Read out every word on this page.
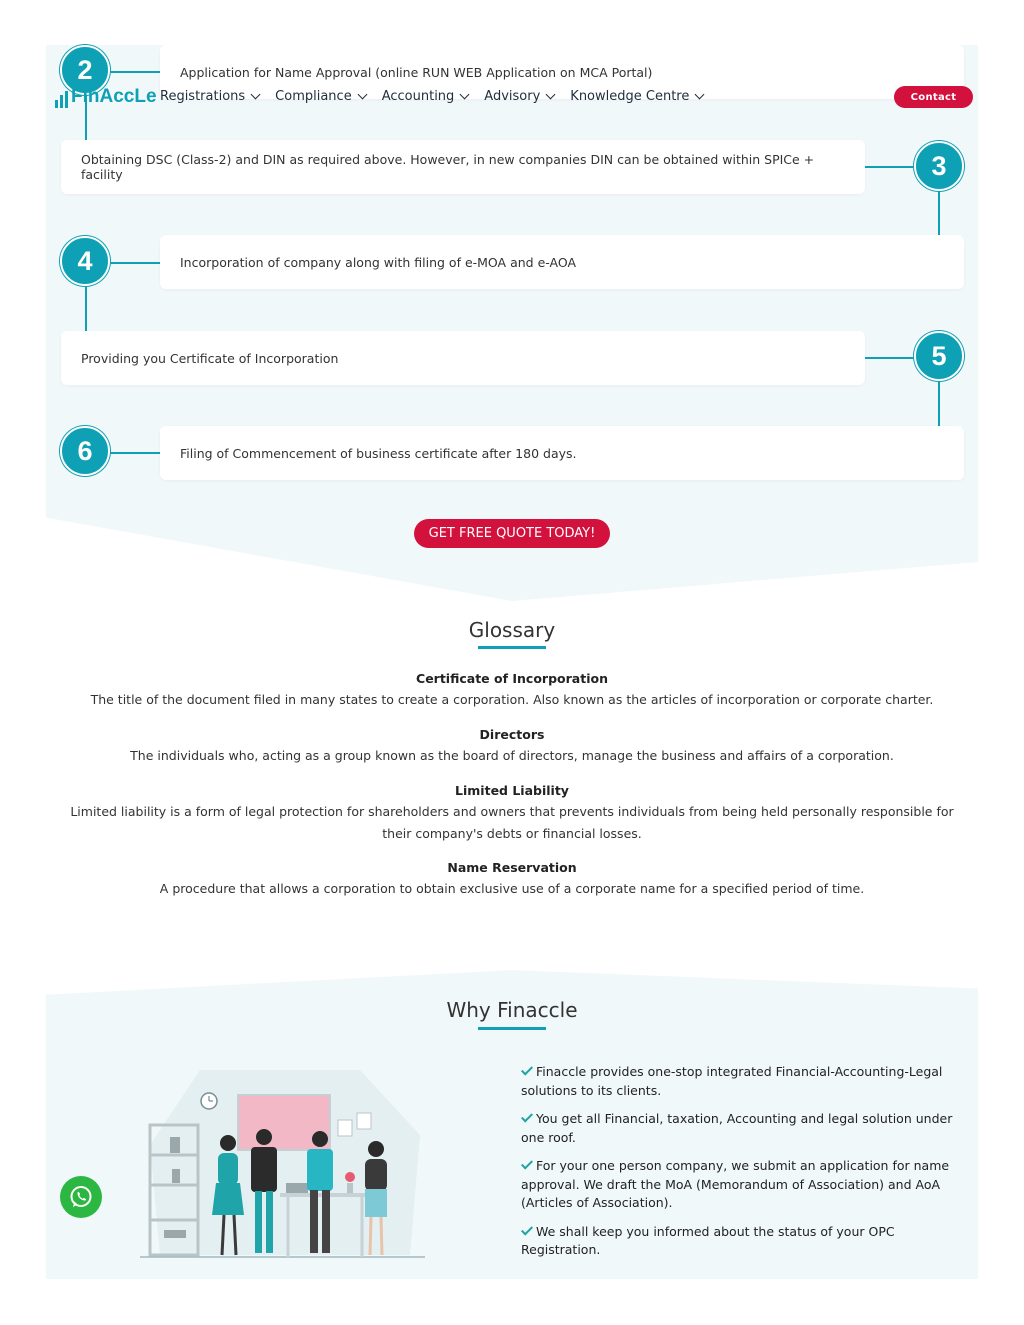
Application for Name Approval (online RUN WEB Application on MCA Portal)
2
Obtaining DSC (Class-2) and DIN as required above. However, in new companies DIN can be obtained within SPICe + facility	3
Incorporation of company along with filing of e-MOA and e-AOA
4
Providing you Certificate of Incorporation	5
Filing of Commencement of business certificate after 180 days.
6
FinAccLe Registrations Compliance Accounting Advisory Knowledge Centre	Contact
GET FREE QUOTE TODAY!
Glossary
Certificate of Incorporation
The title of the document filed in many states to create a corporation. Also known as the articles of incorporation or corporate charter.
Directors
The individuals who, acting as a group known as the board of directors, manage the business and affairs of a corporation.
Limited Liability
Limited liability is a form of legal protection for shareholders and owners that prevents individuals from being held personally responsible for their company's debts or financial losses.
Name Reservation
A procedure that allows a corporation to obtain exclusive use of a corporate name for a specified period of time.
Why Finaccle
Finaccle provides one-stop integrated Financial-Accounting-Legal solutions to its clients.
You get all Financial, taxation, Accounting and legal solution under one roof.
For your one person company, we submit an application for name approval. We draft the MoA (Memorandum of Association) and AoA (Articles of Association).
We shall keep you informed about the status of your OPC Registration.
